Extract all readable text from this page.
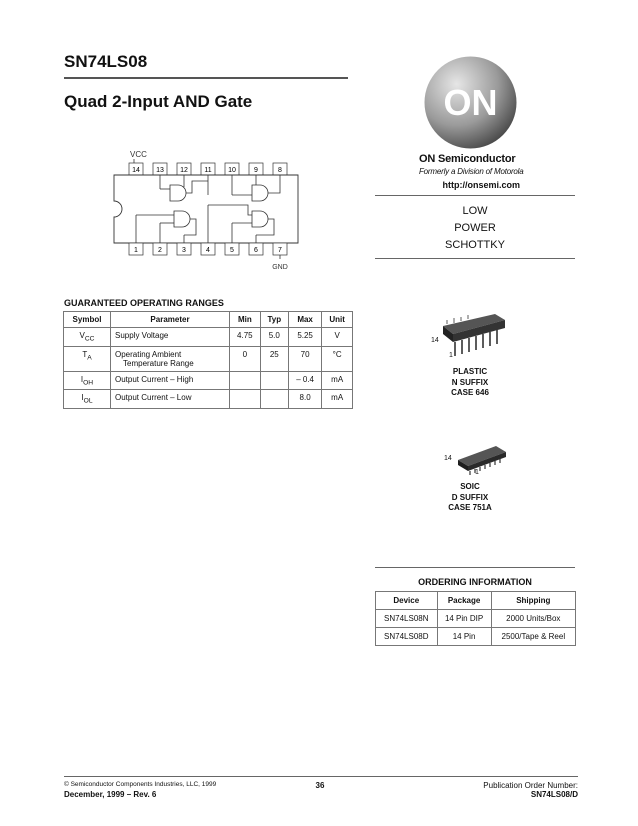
SN74LS08
Quad 2-Input AND Gate
VCC
14 13 12 11 10	9	8
1	2	3	4	5	6	7
GND
ON
ON Semiconductor
Formerly a Division of Motorola
http://onsemi.com
LOW
POWER
SCHOTTKY
GUARANTEED OPERATING RANGES
Symbol	Parameter	Min	Typ	Max	Unit
$V_{CC}$	Supply Voltage	4.75	5.0	5.25	V
$T_A$	Operating Ambient
Temperature Range	0	25	70	°C
$I_{OH}$	Output Current – High			– 0.4	mA
$I_{OL}$	Output Current – Low			8.0	mA
14
1
PLASTIC
N SUFFIX
CASE 646
14
1
SOIC
D SUFFIX
CASE 751A
ORDERING INFORMATION
Device	Package	Shipping
SN74LS08N	14 Pin DIP	2000 Units/Box
SN74LS08D	14 Pin	2500/Tape & Reel
© Semiconductor Components Industries, LLC, 1999
December, 1999 – Rev. 6
36	Publication Order Number:
SN74LS08/D
